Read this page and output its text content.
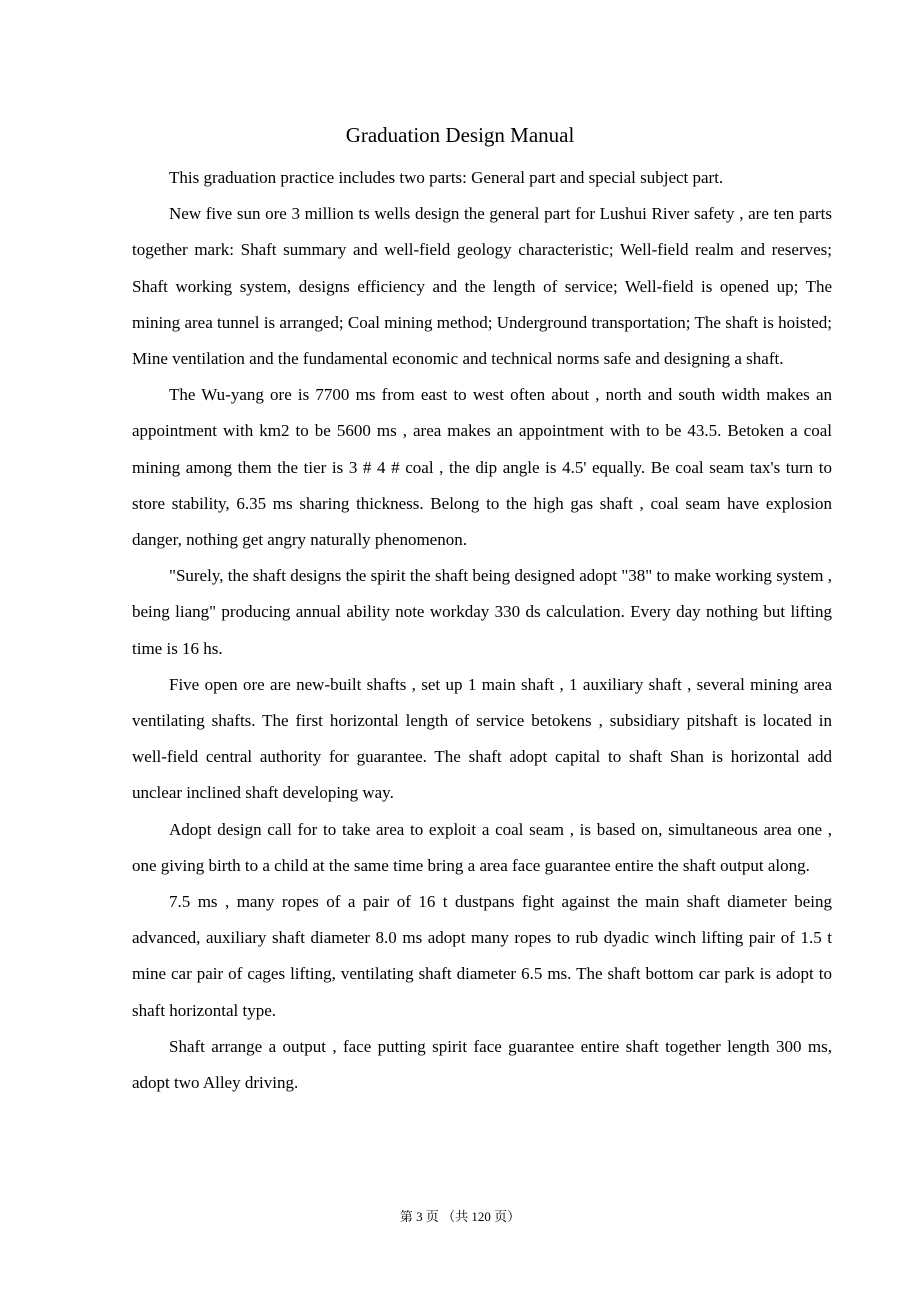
Graduation Design Manual

This graduation practice includes two parts: General part and special subject part.

New five sun ore 3 million ts wells design the general part for Lushui River safety , are ten parts together mark: Shaft summary and well-field geology characteristic; Well-field realm and reserves; Shaft working system, designs efficiency and the length of service; Well-field is opened up; The mining area tunnel is arranged; Coal mining method; Underground transportation; The shaft is hoisted; Mine ventilation and the fundamental economic and technical norms safe and designing a shaft.

The Wu-yang ore is 7700 ms from east to west often about , north and south width makes an appointment with km2 to be 5600 ms , area makes an appointment with to be 43.5. Betoken a coal mining among them the tier is 3 # 4 # coal , the dip angle is 4.5' equally. Be coal seam tax's turn to store stability, 6.35 ms sharing thickness. Belong to the high gas shaft , coal seam have explosion danger, nothing get angry naturally phenomenon.

"Surely, the shaft designs the spirit the shaft being designed adopt "38" to make working system , being liang" producing annual ability note workday 330 ds calculation. Every day nothing but lifting time is 16 hs.

Five open ore are new-built shafts , set up 1 main shaft , 1 auxiliary shaft , several mining area ventilating shafts. The first horizontal length of service betokens , subsidiary pitshaft is located in well-field central authority for guarantee. The shaft adopt capital to shaft Shan is horizontal add unclear inclined shaft developing way.

Adopt design call for to take area to exploit a coal seam , is based on, simultaneous area one , one giving birth to a child at the same time bring a area face guarantee entire the shaft output along.

7.5 ms , many ropes of a pair of 16 t dustpans fight against the main shaft diameter being advanced, auxiliary shaft diameter 8.0 ms adopt many ropes to rub dyadic winch lifting pair of 1.5 t mine car pair of cages lifting, ventilating shaft diameter 6.5 ms. The shaft bottom car park is adopt to shaft horizontal type.

Shaft arrange a output , face putting spirit face guarantee entire shaft together length 300 ms, adopt two Alley driving.

第 3 页 （共 120 页）
